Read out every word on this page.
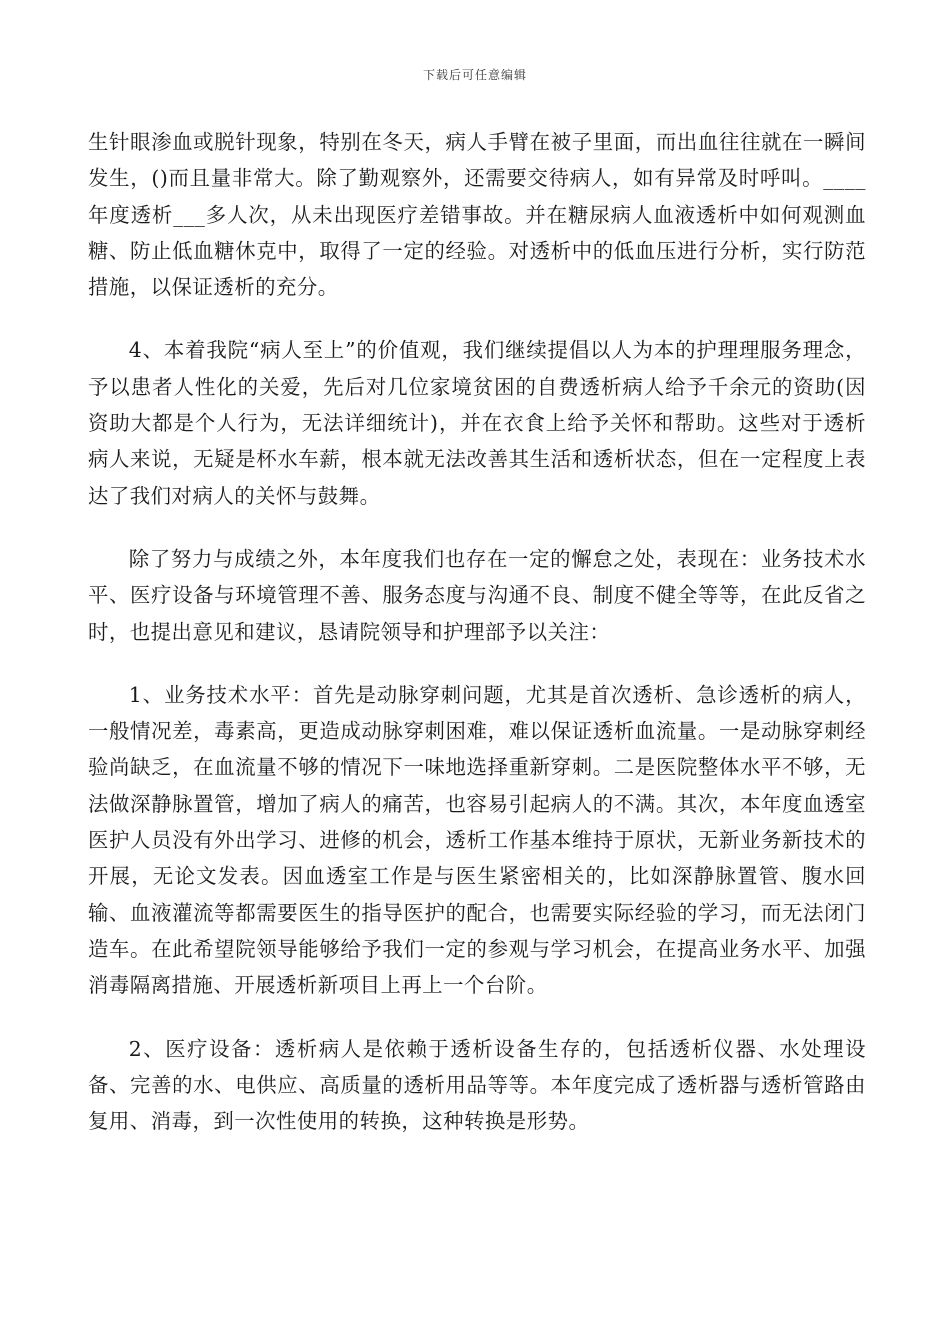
下载后可任意编辑

生针眼渗血或脱针现象，特别在冬天，病人手臂在被子里面，而出血往往就在一瞬间发生，()而且量非常大。除了勤观察外，还需要交待病人，如有异常及时呼叫。____年度透析___多人次，从未出现医疗差错事故。并在糖尿病人血液透析中如何观测血糖、防止低血糖休克中，取得了一定的经验。对透析中的低血压进行分析，实行防范措施，以保证透析的充分。

4、本着我院“病人至上”的价值观，我们继续提倡以人为本的护理理服务理念，予以患者人性化的关爱，先后对几位家境贫困的自费透析病人给予千余元的资助(因资助大都是个人行为，无法详细统计)，并在衣食上给予关怀和帮助。这些对于透析病人来说，无疑是杯水车薪，根本就无法改善其生活和透析状态，但在一定程度上表达了我们对病人的关怀与鼓舞。

除了努力与成绩之外，本年度我们也存在一定的懈怠之处，表现在：业务技术水平、医疗设备与环境管理不善、服务态度与沟通不良、制度不健全等等，在此反省之时，也提出意见和建议，恳请院领导和护理部予以关注：

1、业务技术水平：首先是动脉穿刺问题，尤其是首次透析、急诊透析的病人，一般情况差，毒素高，更造成动脉穿刺困难，难以保证透析血流量。一是动脉穿刺经验尚缺乏，在血流量不够的情况下一味地选择重新穿刺。二是医院整体水平不够，无法做深静脉置管，增加了病人的痛苦，也容易引起病人的不满。其次，本年度血透室医护人员没有外出学习、进修的机会，透析工作基本维持于原状，无新业务新技术的开展，无论文发表。因血透室工作是与医生紧密相关的，比如深静脉置管、腹水回输、血液灌流等都需要医生的指导医护的配合，也需要实际经验的学习，而无法闭门造车。在此希望院领导能够给予我们一定的参观与学习机会，在提高业务水平、加强消毒隔离措施、开展透析新项目上再上一个台阶。

2、医疗设备：透析病人是依赖于透析设备生存的，包括透析仪器、水处理设备、完善的水、电供应、高质量的透析用品等等。本年度完成了透析器与透析管路由复用、消毒，到一次性使用的转换，这种转换是形势。
